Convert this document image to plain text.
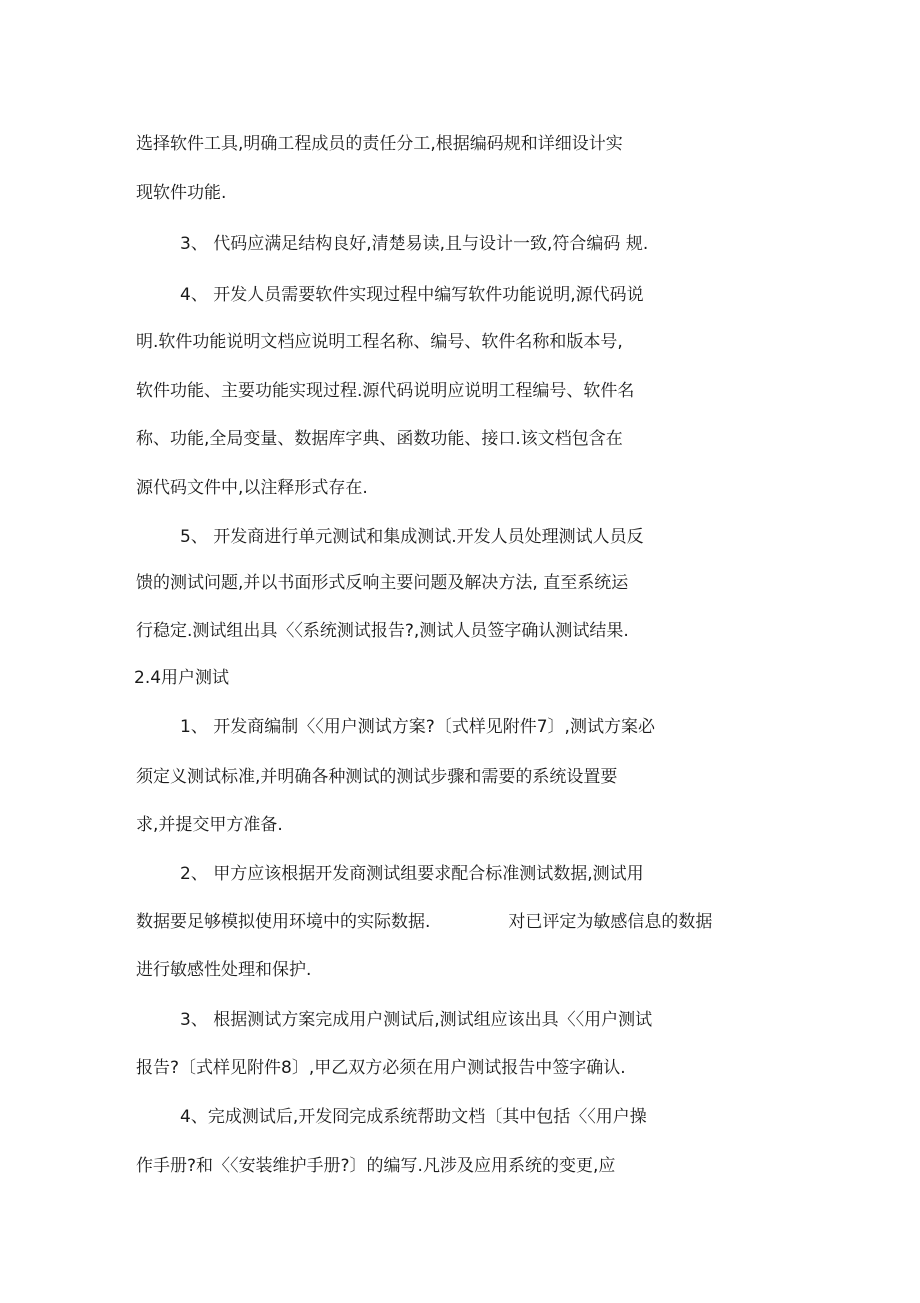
选择软件工具,明确工程成员的责任分工,根据编码规和详细设计实
现软件功能.
3、 代码应满足结构良好,清楚易读,且与设计一致,符合编码 规.
4、 开发人员需要软件实现过程中编写软件功能说明,源代码说
明.软件功能说明文档应说明工程名称、编号、软件名称和版本号,
软件功能、主要功能实现过程.源代码说明应说明工程编号、软件名
称、功能,全局变量、数据库字典、函数功能、接口.该文档包含在
源代码文件中,以注释形式存在.
5、 开发商进行单元测试和集成测试.开发人员处理测试人员反
馈的测试问题,并以书面形式反响主要问题及解决方法, 直至系统运
行稳定.测试组出具〈〈系统测试报告?,测试人员签字确认测试结果.
2.4用户测试
1、 开发商编制〈〈用户测试方案?〔式样见附件7〕,测试方案必
须定义测试标准,并明确各种测试的测试步骤和需要的系统设置要
求,并提交甲方准备.
2、 甲方应该根据开发商测试组要求配合标准测试数据,测试用
数据要足够模拟使用环境中的实际数据.	对已评定为敏感信息的数据
进行敏感性处理和保护.
3、 根据测试方案完成用户测试后,测试组应该出具〈〈用户测试
报告?〔式样见附件8〕,甲乙双方必须在用户测试报告中签字确认.
4、完成测试后,开发冏完成系统帮助文档〔其中包括〈〈用户操
作手册?和〈〈安装维护手册?〕的编写.凡涉及应用系统的变更,应
